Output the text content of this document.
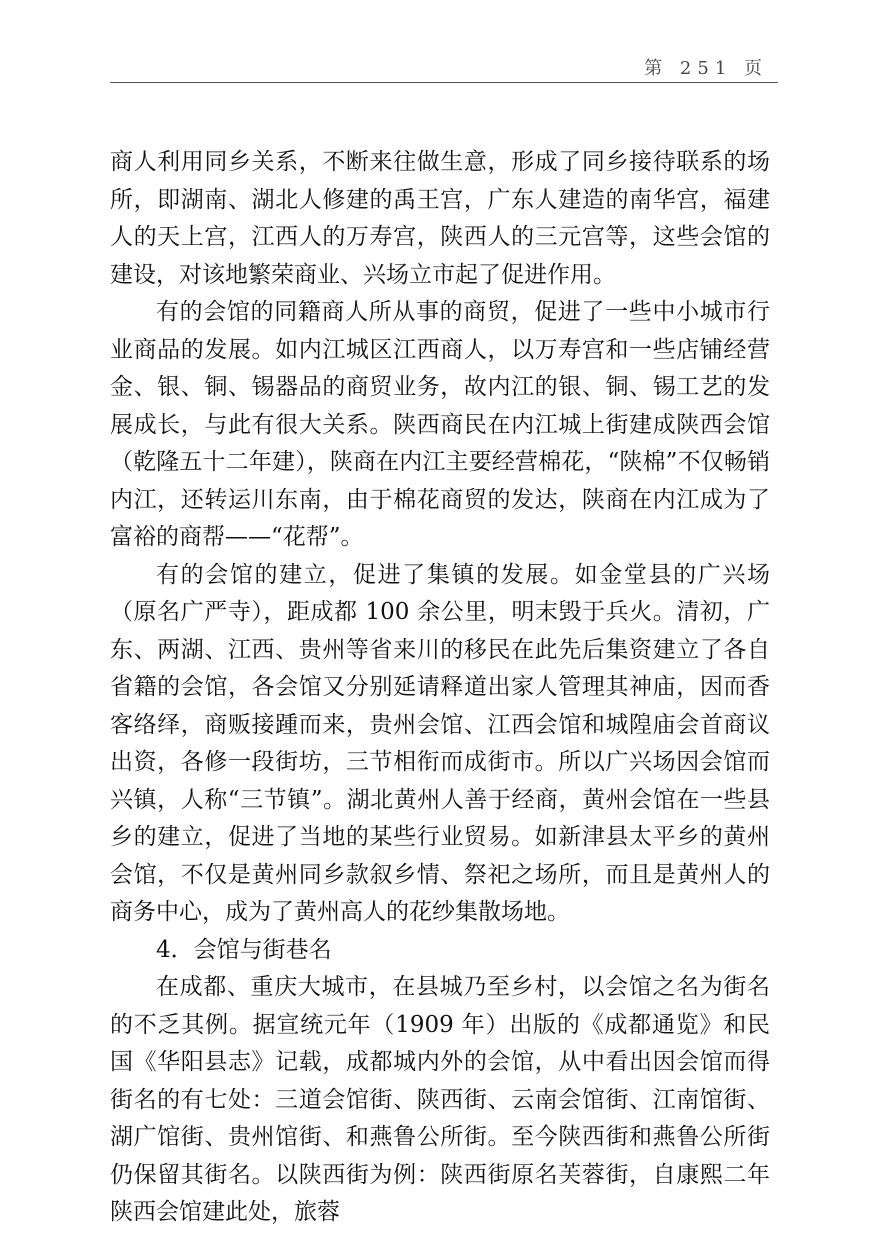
第 251 页

商人利用同乡关系，不断来往做生意，形成了同乡接待联系的场所，即湖南、湖北人修建的禹王宫，广东人建造的南华宫，福建人的天上宫，江西人的万寿宫，陕西人的三元宫等，这些会馆的建设，对该地繁荣商业、兴场立市起了促进作用。

有的会馆的同籍商人所从事的商贸，促进了一些中小城市行业商品的发展。如内江城区江西商人，以万寿宫和一些店铺经营金、银、铜、锡器品的商贸业务，故内江的银、铜、锡工艺的发展成长，与此有很大关系。陕西商民在内江城上街建成陕西会馆（乾隆五十二年建），陕商在内江主要经营棉花，“陕棉”不仅畅销内江，还转运川东南，由于棉花商贸的发达，陕商在内江成为了富裕的商帮——“花帮”。

有的会馆的建立，促进了集镇的发展。如金堂县的广兴场（原名广严寺），距成都 100 余公里，明末毁于兵火。清初，广东、两湖、江西、贵州等省来川的移民在此先后集资建立了各自省籍的会馆，各会馆又分别延请释道出家人管理其神庙，因而香客络绎，商贩接踵而来，贵州会馆、江西会馆和城隍庙会首商议出资，各修一段街坊，三节相衔而成街市。所以广兴场因会馆而兴镇，人称“三节镇”。湖北黄州人善于经商，黄州会馆在一些县乡的建立，促进了当地的某些行业贸易。如新津县太平乡的黄州会馆，不仅是黄州同乡款叙乡情、祭祀之场所，而且是黄州人的商务中心，成为了黄州高人的花纱集散场地。

4．会馆与街巷名

在成都、重庆大城市，在县城乃至乡村，以会馆之名为街名的不乏其例。据宣统元年（1909 年）出版的《成都通览》和民国《华阳县志》记载，成都城内外的会馆，从中看出因会馆而得街名的有七处：三道会馆街、陕西街、云南会馆街、江南馆街、湖广馆街、贵州馆街、和燕鲁公所街。至今陕西街和燕鲁公所街仍保留其街名。以陕西街为例：陕西街原名芙蓉街，自康熙二年陕西会馆建此处，旅蓉
